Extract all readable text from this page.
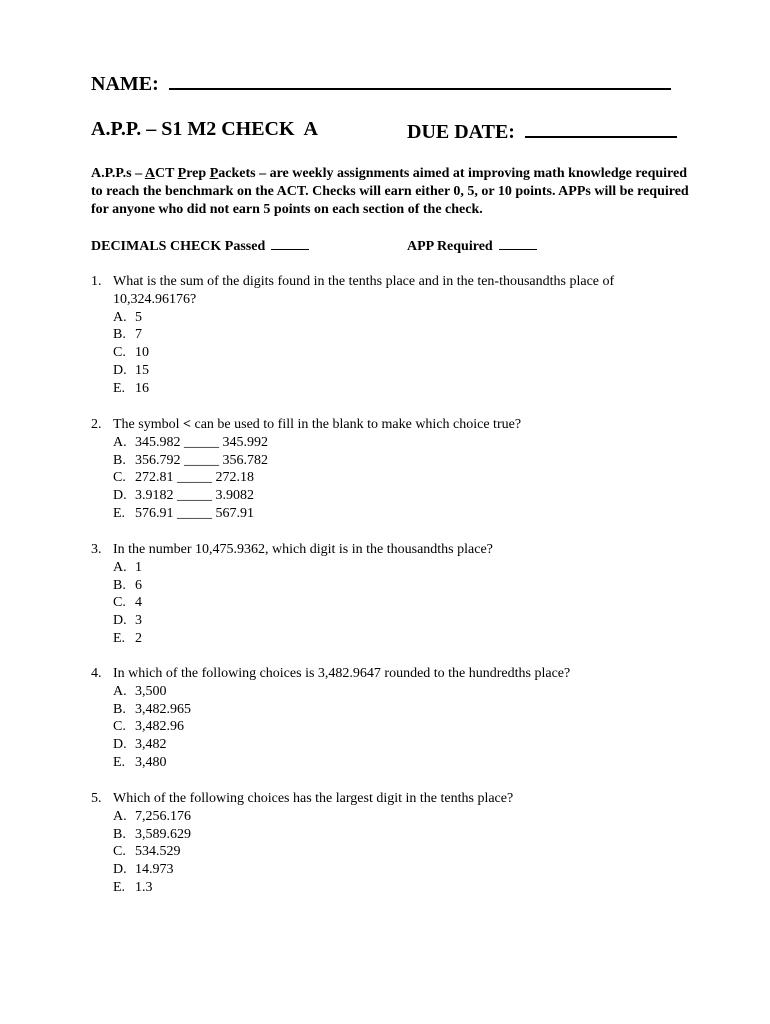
NAME:
A.P.P. – S1 M2 CHECK  A	DUE DATE:
A.P.P.s – ACT Prep Packets – are weekly assignments aimed at improving math knowledge required to reach the benchmark on the ACT. Checks will earn either 0, 5, or 10 points. APPs will be required for anyone who did not earn 5 points on each section of the check.
DECIMALS CHECK Passed	APP Required
1. What is the sum of the digits found in the tenths place and in the ten-thousandths place of 10,324.96176?
A. 5
B. 7
C. 10
D. 15
E. 16
2. The symbol < can be used to fill in the blank to make which choice true?
A. 345.982 _____ 345.992
B. 356.792 _____ 356.782
C. 272.81 _____ 272.18
D. 3.9182 _____ 3.9082
E. 576.91 _____ 567.91
3. In the number 10,475.9362, which digit is in the thousandths place?
A. 1
B. 6
C. 4
D. 3
E. 2
4. In which of the following choices is 3,482.9647 rounded to the hundredths place?
A. 3,500
B. 3,482.965
C. 3,482.96
D. 3,482
E. 3,480
5. Which of the following choices has the largest digit in the tenths place?
A. 7,256.176
B. 3,589.629
C. 534.529
D. 14.973
E. 1.3
